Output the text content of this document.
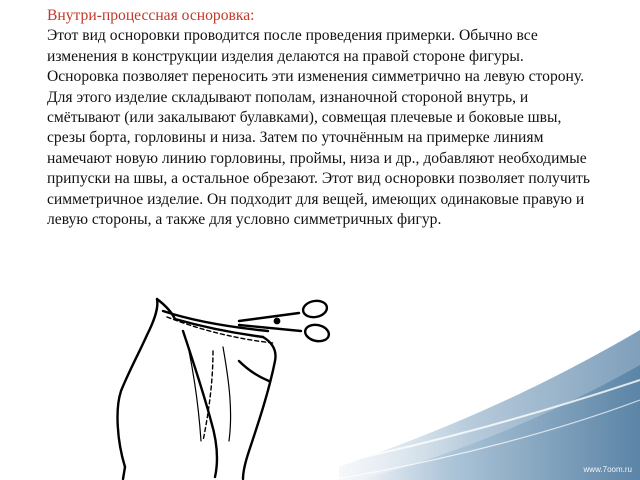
Внутри-процессная осноровка:
Этот вид осноровки проводится после проведения примерки. Обычно все изменения в конструкции изделия делаются на правой стороне фигуры. Осноровка позволяет переносить эти изменения симметрично на левую сторону. Для этого изделие складывают пополам, изнаночной стороной внутрь, и смётывают (или закалывают булавками), совмещая плечевые и боковые швы, срезы борта, горловины и низа. Затем по уточнённым на примерке линиям намечают новую линию горловины, проймы, низа и др., добавляют необходимые припуски на швы, а остальное обрезают. Этот вид осноровки позволяет получить симметричное изделие. Он подходит для вещей, имеющих одинаковые правую и левую стороны, а также для условно симметричных фигур.
www.7oom.ru
